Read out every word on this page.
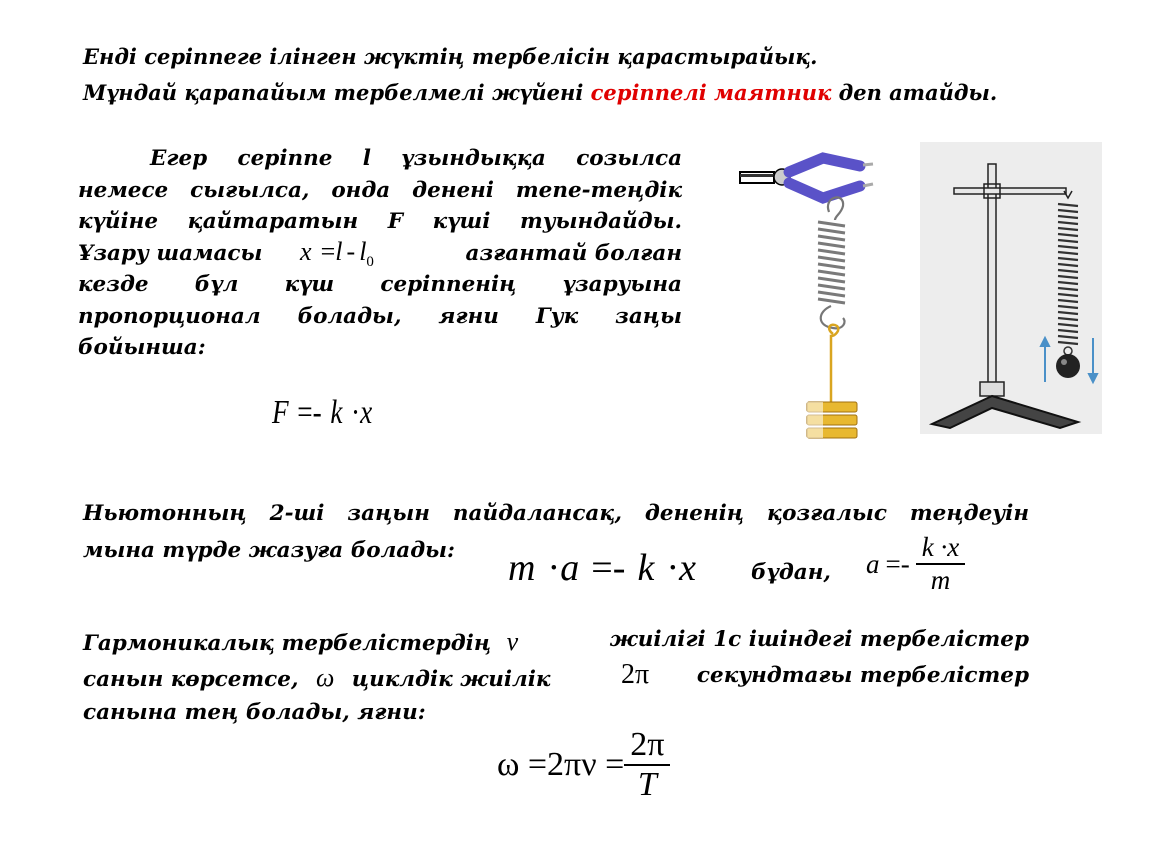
Енді серіппеге ілінген жүктің тербелісін қарастырайық.
Мұндай қарапайым тербелмелі жүйені серіппелі маятник деп атайды.
Егер серіппе l ұзындыққа созылса
немесе сығылса, онда денені тепе-теңдік
күйіне қайтаратын F күші туындайды.
Ұзару шамасы $x =l - l_0$	азғантай болған
кезде бұл күш серіппенің ұзаруына
пропорционал болады, яғни Гук заңы
бойынша:
F =- k ·x
Ньютонның 2-ші заңын пайдалансақ, дененің қозғалыс теңдеуін
мына түрде жазуға болады: m ·a =- k ·x	бұдан, $a =- \frac{k \cdot x}{m}$
Гармоникалық тербелістердің ν	жиілігі 1с ішіндегі тербелістер
санын көрсетсе, ω циклдік жиілік	2π секундтағы тербелістер
санына тең болады, яғни:
$\omega =2\pi\nu = \frac{2\pi}{T}$
